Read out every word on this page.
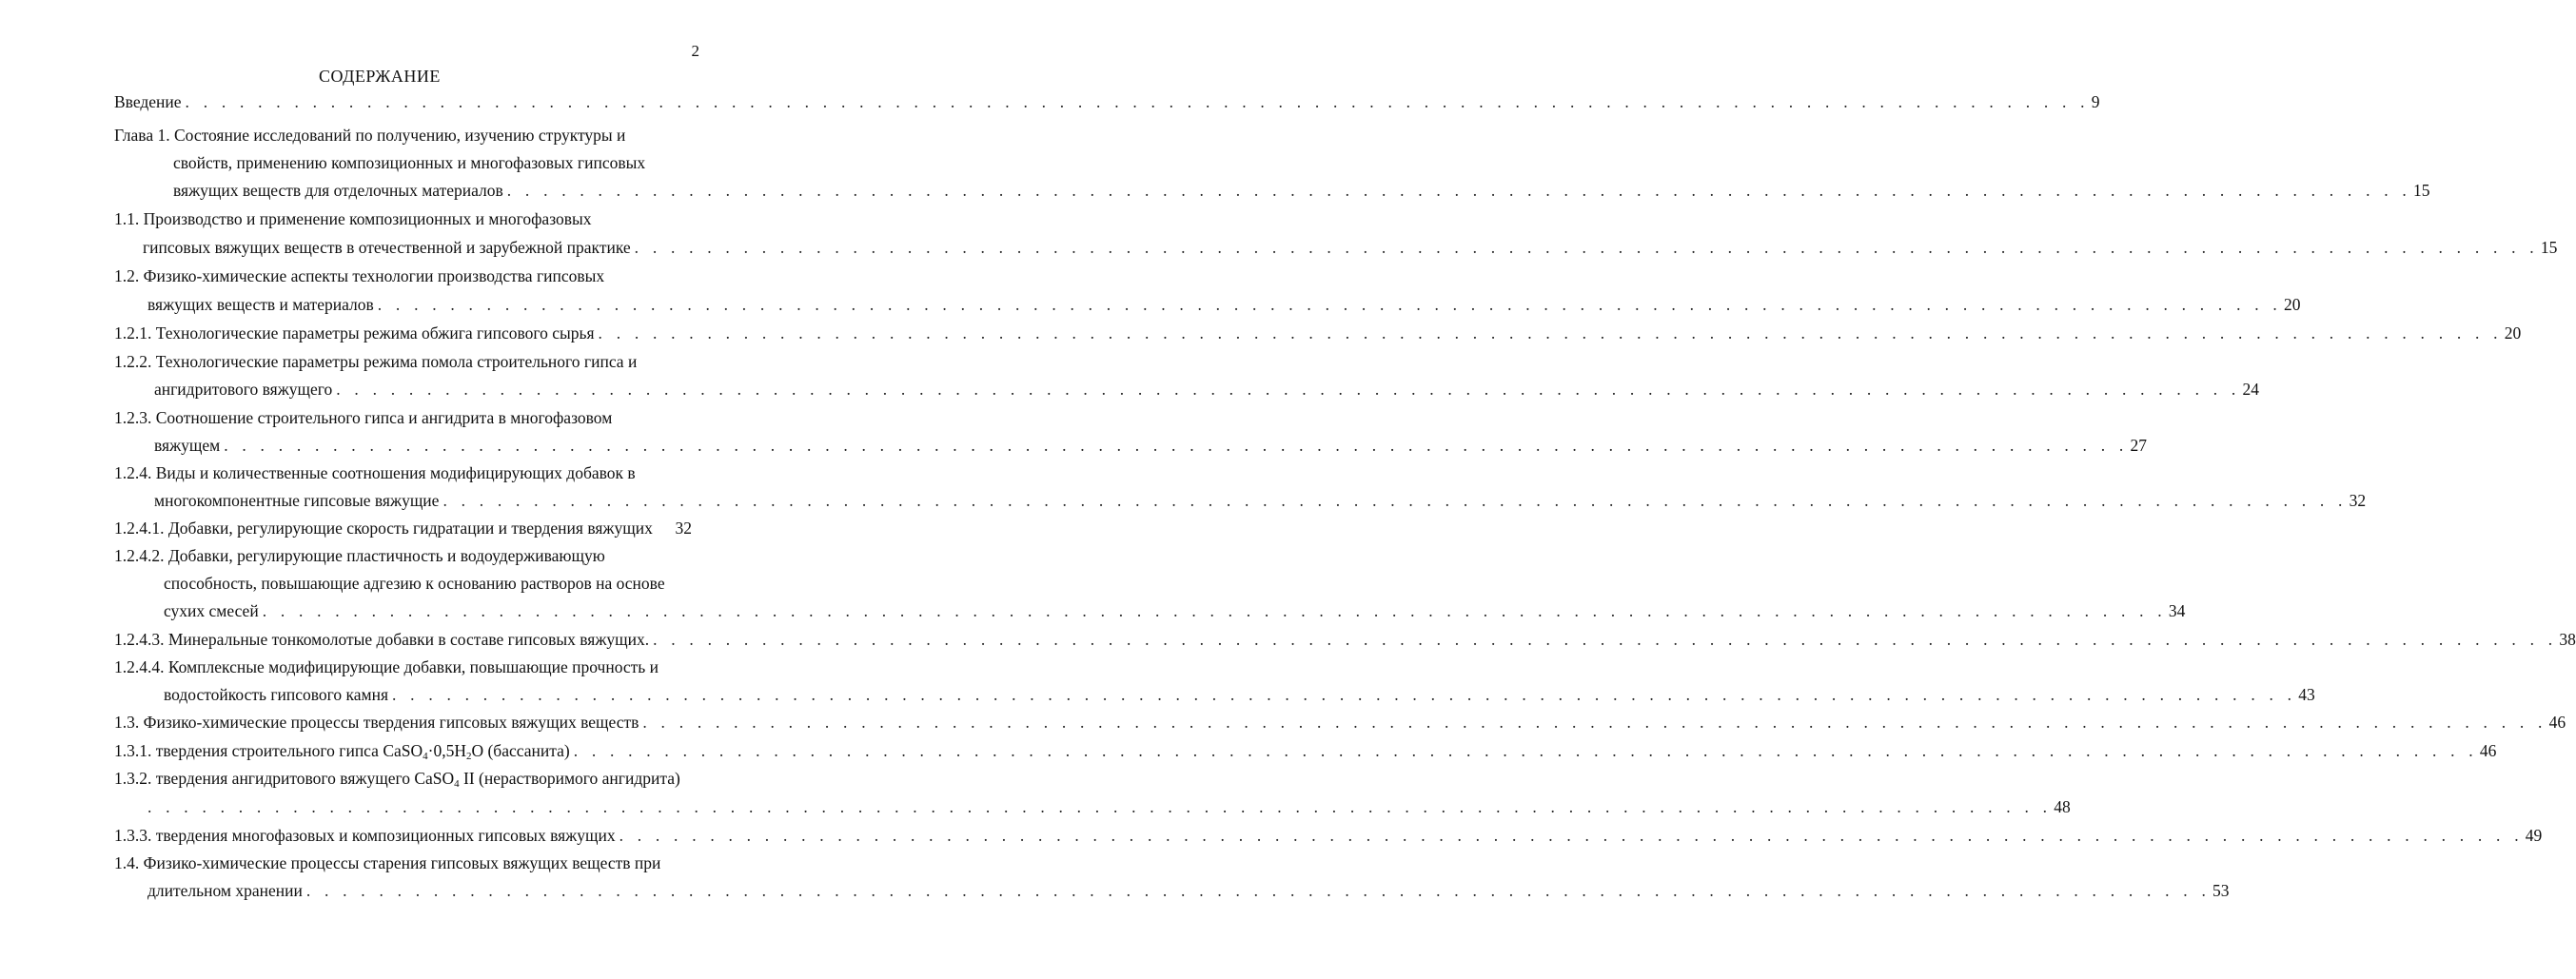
2
СОДЕРЖАНИЕ
Введение . . . . . . . . . . . . . . . . . . . . . . . . . . . . . . . . . . . . . . . . . . . . . . . . . . . . . . . . . . . . . . . . . . . . . . . . . . . . . . . . . . . . . . . . . . . . . . . . . . . . . . . . . 9
Глава 1. Состояние исследований по получению, изучению структуры и
свойств, применению композиционных и многофазовых гипсовых
вяжущих веществ для отделочных материалов . . . . . . . . . . . . . . . . . . . . . . . . . . . . . . . . . . . . . . . . . . . . . . . . . . . . . . . . . . . . . . . . . . . . . . . . . . . . . . . . . . . . . . . . . . . . . . . . . . . . . . . . . 15
1.1. Производство и применение композиционных и многофазовых
гипсовых вяжущих веществ в отечественной и зарубежной практике . . . . . . . . . . . . . . . . . . . . . . . . . . . . . . . . . . . . . . . . . . . . . . . . . . . . . . . . . . . . . . . . . . . . . . . . . . . . . . . . . . . . . . . . . . . . . . . . . . . . . . . . . 15
1.2. Физико-химические аспекты технологии производства гипсовых
вяжущих веществ и материалов . . . . . . . . . . . . . . . . . . . . . . . . . . . . . . . . . . . . . . . . . . . . . . . . . . . . . . . . . . . . . . . . . . . . . . . . . . . . . . . . . . . . . . . . . . . . . . . . . . . . . . . . . 20
1.2.1. Технологические параметры режима обжига гипсового сырья . . . . . . . . . . . . . . . . . . . . . . . . . . . . . . . . . . . . . . . . . . . . . . . . . . . . . . . . . . . . . . . . . . . . . . . . . . . . . . . . . . . . . . . . . . . . . . . . . . . . . . . . . 20
1.2.2. Технологические параметры режима помола строительного гипса и
ангидритового вяжущего . . . . . . . . . . . . . . . . . . . . . . . . . . . . . . . . . . . . . . . . . . . . . . . . . . . . . . . . . . . . . . . . . . . . . . . . . . . . . . . . . . . . . . . . . . . . . . . . . . . . . . . . . 24
1.2.3. Соотношение строительного гипса и ангидрита в многофазовом
вяжущем . . . . . . . . . . . . . . . . . . . . . . . . . . . . . . . . . . . . . . . . . . . . . . . . . . . . . . . . . . . . . . . . . . . . . . . . . . . . . . . . . . . . . . . . . . . . . . . . . . . . . . . . . 27
1.2.4. Виды и количественные соотношения модифицирующих добавок в
многокомпонентные гипсовые вяжущие . . . . . . . . . . . . . . . . . . . . . . . . . . . . . . . . . . . . . . . . . . . . . . . . . . . . . . . . . . . . . . . . . . . . . . . . . . . . . . . . . . . . . . . . . . . . . . . . . . . . . . . . . 32
1.2.4.1. Добавки, регулирующие скорость гидратации и твердения вяжущих 32
1.2.4.2. Добавки, регулирующие пластичность и водоудерживающую
способность, повышающие адгезию к основанию растворов на основе
сухих смесей . . . . . . . . . . . . . . . . . . . . . . . . . . . . . . . . . . . . . . . . . . . . . . . . . . . . . . . . . . . . . . . . . . . . . . . . . . . . . . . . . . . . . . . . . . . . . . . . . . . . . . . . . 34
1.2.4.3. Минеральные тонкомолотые добавки в составе гипсовых вяжущих. . . . . . . . . . . . . . . . . . . . . . . . . . . . . . . . . . . . . . . . . . . . . . . . . . . . . . . . . . . . . . . . . . . . . . . . . . . . . . . . . . . . . . . . . . . . . . . . . . . . . . . . . . 38
1.2.4.4. Комплексные модифицирующие добавки, повышающие прочность и
водостойкость гипсового камня . . . . . . . . . . . . . . . . . . . . . . . . . . . . . . . . . . . . . . . . . . . . . . . . . . . . . . . . . . . . . . . . . . . . . . . . . . . . . . . . . . . . . . . . . . . . . . . . . . . . . . . . . 43
1.3. Физико-химические процессы твердения гипсовых вяжущих веществ . . . . . . . . . . . . . . . . . . . . . . . . . . . . . . . . . . . . . . . . . . . . . . . . . . . . . . . . . . . . . . . . . . . . . . . . . . . . . . . . . . . . . . . . . . . . . . . . . . . . . . . . . 46
1.3.1. твердения строительного гипса $CaSO_4\cdot 0,5H_2O$ (бассанита) . . . . . . . . . . . . . . . . . . . . . . . . . . . . . . . . . . . . . . . . . . . . . . . . . . . . . . . . . . . . . . . . . . . . . . . . . . . . . . . . . . . . . . . . . . . . . . . . . . . . . . . . . 46
1.3.2. твердения ангидритового вяжущего CaSO$_4$ II (нерастворимого ангидрита)
. . . . . . . . . . . . . . . . . . . . . . . . . . . . . . . . . . . . . . . . . . . . . . . . . . . . . . . . . . . . . . . . . . . . . . . . . . . . . . . . . . . . . . . . . . . . . . . . . . . . . . . . . 48
1.3.3. твердения многофазовых и композиционных гипсовых вяжущих . . . . . . . . . . . . . . . . . . . . . . . . . . . . . . . . . . . . . . . . . . . . . . . . . . . . . . . . . . . . . . . . . . . . . . . . . . . . . . . . . . . . . . . . . . . . . . . . . . . . . . . . . 49
1.4. Физико-химические процессы старения гипсовых вяжущих веществ при
длительном хранении . . . . . . . . . . . . . . . . . . . . . . . . . . . . . . . . . . . . . . . . . . . . . . . . . . . . . . . . . . . . . . . . . . . . . . . . . . . . . . . . . . . . . . . . . . . . . . . . . . . . . . . . . 53
